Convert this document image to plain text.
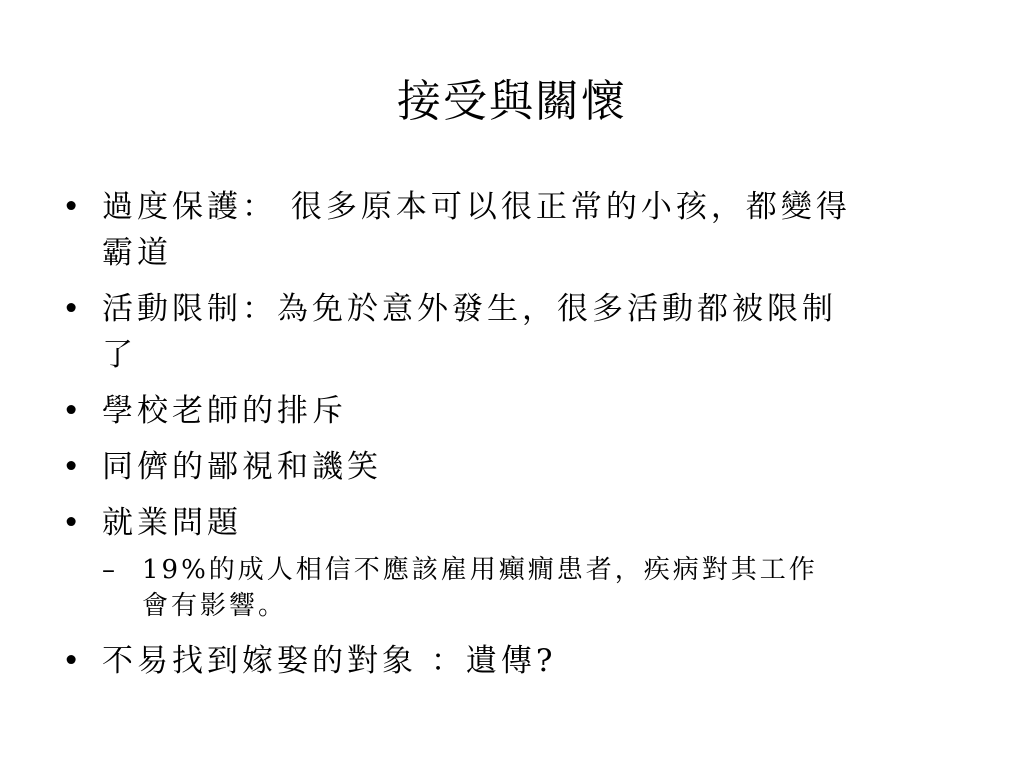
接受與關懷
• 過度保護： 很多原本可以很正常的小孩，都變得
霸道
• 活動限制：為免於意外發生，很多活動都被限制
了
• 學校老師的排斥
• 同儕的鄙視和譏笑
• 就業問題
– 19%的成人相信不應該雇用癲癇患者，疾病對其工作
會有影響。
• 不易找到嫁娶的對象 ：遺傳?
